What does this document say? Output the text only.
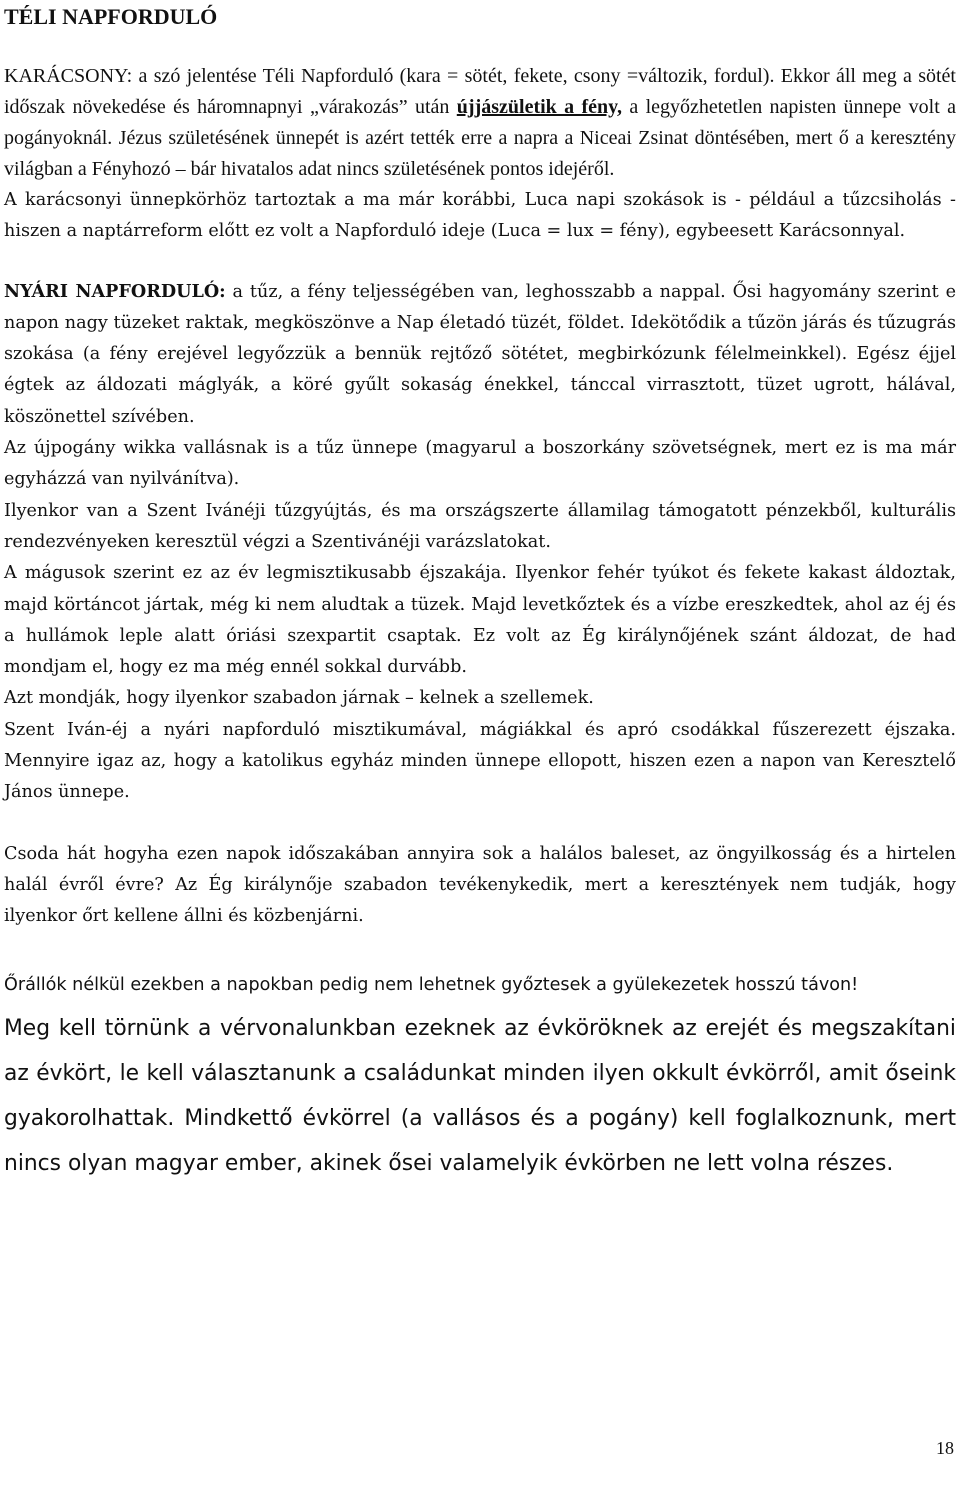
TÉLI NAPFORDULÓ

KARÁCSONY: a szó jelentése Téli Napforduló (kara = sötét, fekete, csony =változik, fordul). Ekkor áll meg a sötét időszak növekedése és háromnapnyi „várakozás” után újjászületik a fény, a legyőzhetetlen napisten ünnepe volt a pogányoknál. Jézus születésének ünnepét is azért tették erre a napra a Niceai Zsinat döntésében, mert ő a keresztény világban a Fényhozó – bár hivatalos adat nincs születésének pontos idejéről.

A karácsonyi ünnepkörhöz tartoztak a ma már korábbi, Luca napi szokások is - például a tűzcsiholás - hiszen a naptárreform előtt ez volt a Napforduló ideje (Luca = lux = fény), egybeesett Karácsonnyal.

NYÁRI NAPFORDULÓ: a tűz, a fény teljességében van, leghosszabb a nappal. Ősi hagyomány szerint e napon nagy tüzeket raktak, megköszönve a Nap életadó tüzét, földet. Idekötődik a tűzön járás és tűzugrás szokása (a fény erejével legyőzzük a bennük rejtőző sötétet, megbirkózunk félelmeinkkel). Egész éjjel égtek az áldozati máglyák, a köré gyűlt sokaság énekkel, tánccal virrasztott, tüzet ugrott, hálával, köszönettel szívében.

Az újpogány wikka vallásnak is a tűz ünnepe (magyarul a boszorkány szövetségnek, mert ez is ma már egyházzá van nyilvánítva).

Ilyenkor van a Szent Ivánéji tűzgyújtás, és ma országszerte államilag támogatott pénzekből, kulturális rendezvényeken keresztül végzi a Szentivánéji varázslatokat.

A mágusok szerint ez az év legmisztikusabb éjszakája. Ilyenkor fehér tyúkot és fekete kakast áldoztak, majd körtáncot jártak, még ki nem aludtak a tüzek. Majd levetkőztek és a vízbe ereszkedtek, ahol az éj és a hullámok leple alatt óriási szexpartit csaptak. Ez volt az Ég királynőjének szánt áldozat, de had mondjam el, hogy ez ma még ennél sokkal durvább.

Azt mondják, hogy ilyenkor szabadon járnak – kelnek a szellemek.

Szent Iván-éj a nyári napforduló misztikumával, mágiákkal és apró csodákkal fűszerezett éjszaka. Mennyire igaz az, hogy a katolikus egyház minden ünnepe ellopott, hiszen ezen a napon van Keresztelő János ünnepe.

Csoda hát hogyha ezen napok időszakában annyira sok a halálos baleset, az öngyilkosság és a hirtelen halál évről évre? Az Ég királynője szabadon tevékenykedik, mert a keresztények nem tudják, hogy ilyenkor őrt kellene állni és közbenjárni.

Őrállók nélkül ezekben a napokban pedig nem lehetnek győztesek a gyülekezetek hosszú távon!

Meg kell törnünk a vérvonalunkban ezeknek az évköröknek az erejét és megszakítani az évkört, le kell választanunk a családunkat minden ilyen okkult évkörről, amit őseink gyakorolhattak. Mindkettő évkörrel (a vallásos és a pogány) kell foglalkoznunk, mert nincs olyan magyar ember, akinek ősei valamelyik évkörben ne lett volna részes.

18
